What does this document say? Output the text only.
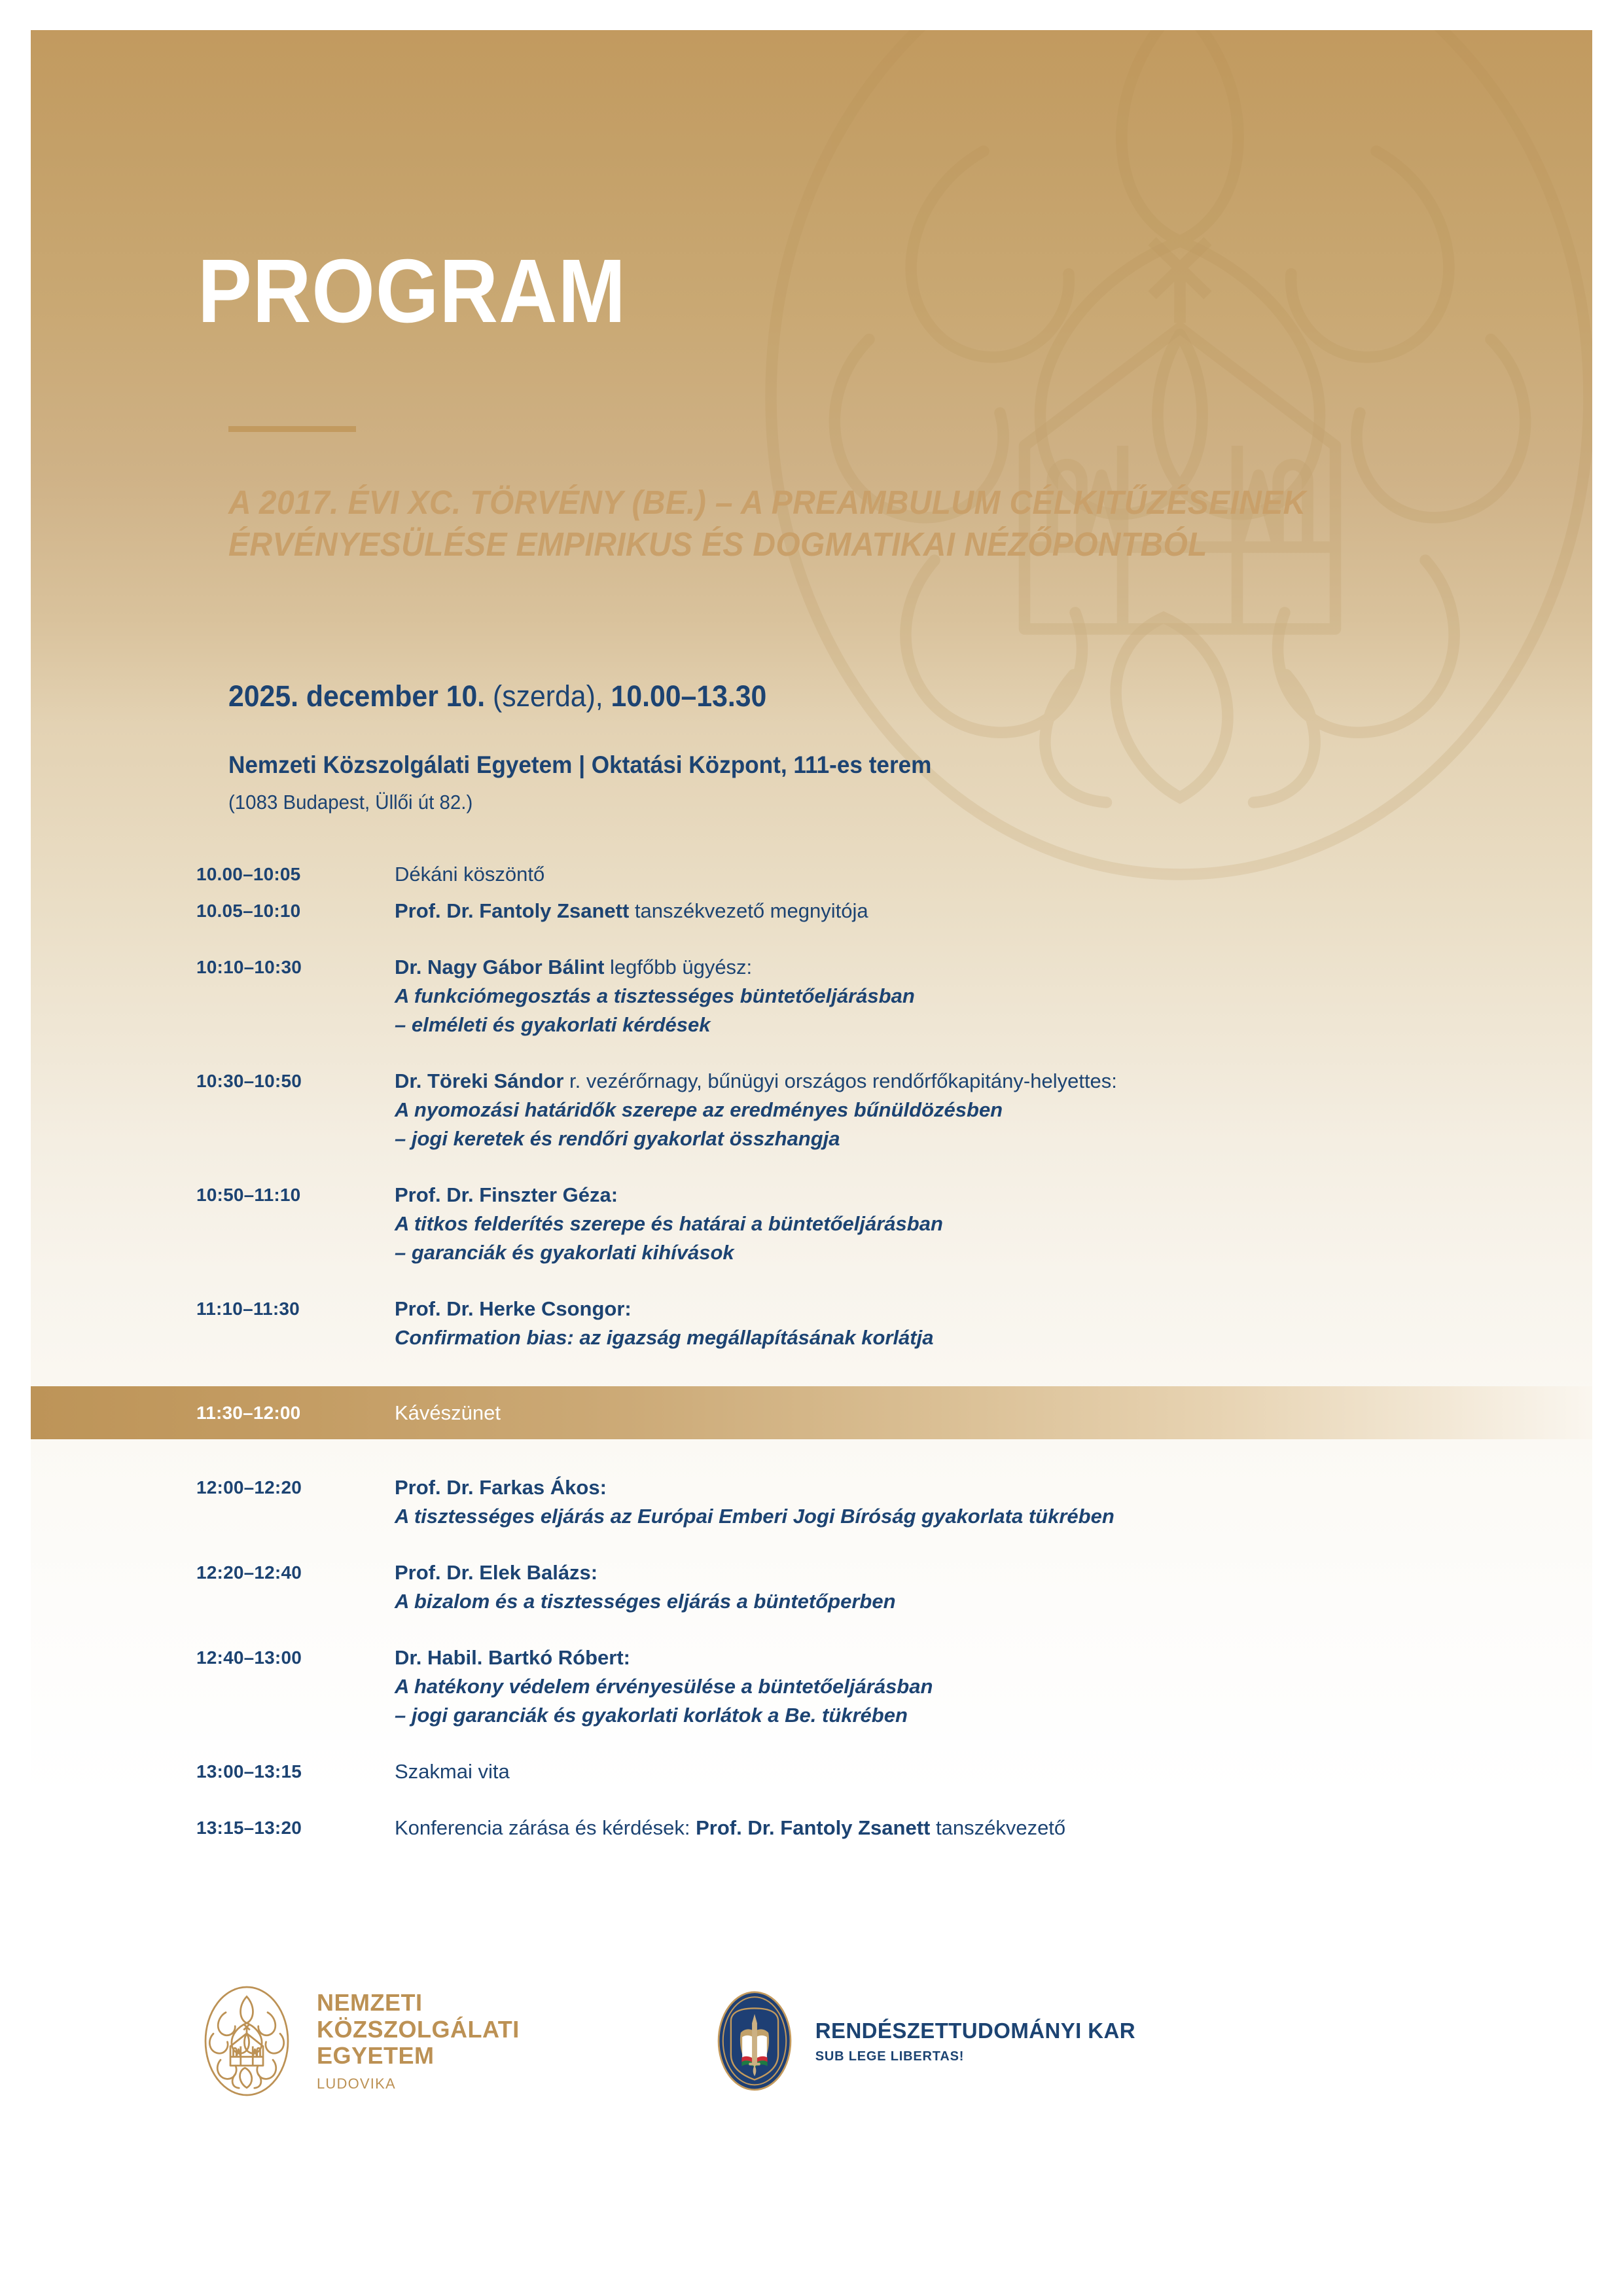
PROGRAM
A 2017. ÉVI XC. TÖRVÉNY (BE.) – A PREAMBULUM CÉLKITŰZÉSEINEK ÉRVÉNYESÜLÉSE EMPIRIKUS ÉS DOGMATIKAI NÉZŐPONTBÓL
2025. december 10. (szerda), 10.00–13.30
Nemzeti Közszolgálati Egyetem | Oktatási Központ, 111-es terem
(1083 Budapest, Üllői út 82.)
10.00–10:05	Dékáni köszöntő
10.05–10:10	Prof. Dr. Fantoly Zsanett tanszékvezető megnyitója
10:10–10:30	Dr. Nagy Gábor Bálint legfőbb ügyész:
A funkciómegosztás a tisztességes büntetőeljárásban
– elméleti és gyakorlati kérdések
10:30–10:50	Dr. Töreki Sándor r. vezérőrnagy, bűnügyi országos rendőrfőkapitány-helyettes:
A nyomozási határidők szerepe az eredményes bűnüldözésben
– jogi keretek és rendőri gyakorlat összhangja
10:50–11:10	Prof. Dr. Finszter Géza:
A titkos felderítés szerepe és határai a büntetőeljárásban
– garanciák és gyakorlati kihívások
11:10–11:30	Prof. Dr. Herke Csongor:
Confirmation bias: az igazság megállapításának korlátja
11:30–12:00	Kávészünet
12:00–12:20	Prof. Dr. Farkas Ákos:
A tisztességes eljárás az Európai Emberi Jogi Bíróság gyakorlata tükrében
12:20–12:40	Prof. Dr. Elek Balázs:
A bizalom és a tisztességes eljárás a büntetőperben
12:40–13:00	Dr. Habil. Bartkó Róbert:
A hatékony védelem érvényesülése a büntetőeljárásban
– jogi garanciák és gyakorlati korlátok a Be. tükrében
13:00–13:15	Szakmai vita
13:15–13:20	Konferencia zárása és kérdések: Prof. Dr. Fantoly Zsanett tanszékvezető
NEMZETI
KÖZSZOLGÁLATI
EGYETEM
LUDOVIKA
RENDÉSZETTUDOMÁNYI KAR
SUB LEGE LIBERTAS!
